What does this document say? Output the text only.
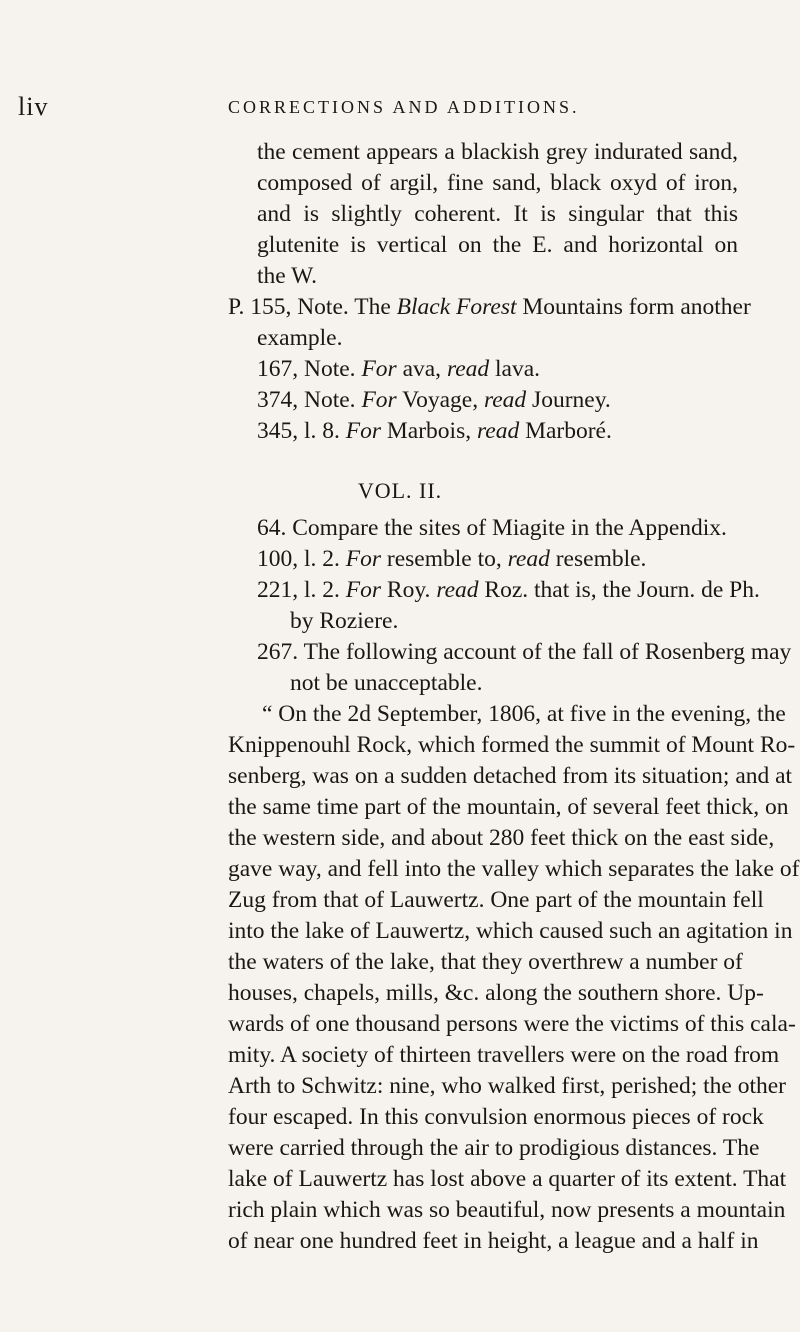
liv	CORRECTIONS AND ADDITIONS.
the cement appears a blackish grey indurated sand,
composed of argil, fine sand, black oxyd of iron,
and is slightly coherent. It is singular that this
glutenite is vertical on the E. and horizontal on
the W.
P. 155, Note. The Black Forest Mountains form another
example.
167, Note. For ava, read lava.
374, Note. For Voyage, read Journey.
345, l. 8. For Marbois, read Marboré.
VOL. II.
64. Compare the sites of Miagite in the Appendix.
100, l. 2. For resemble to, read resemble.
221, l. 2. For Roy. read Roz. that is, the Journ. de Ph.
by Roziere.
267. The following account of the fall of Rosenberg may
not be unacceptable.
“ On the 2d September, 1806, at five in the evening, the
Knippenouhl Rock, which formed the summit of Mount Ro-
senberg, was on a sudden detached from its situation; and at
the same time part of the mountain, of several feet thick, on
the western side, and about 280 feet thick on the east side,
gave way, and fell into the valley which separates the lake of
Zug from that of Lauwertz. One part of the mountain fell
into the lake of Lauwertz, which caused such an agitation in
the waters of the lake, that they overthrew a number of
houses, chapels, mills, &c. along the southern shore. Up-
wards of one thousand persons were the victims of this cala-
mity. A society of thirteen travellers were on the road from
Arth to Schwitz: nine, who walked first, perished; the other
four escaped. In this convulsion enormous pieces of rock
were carried through the air to prodigious distances. The
lake of Lauwertz has lost above a quarter of its extent. That
rich plain which was so beautiful, now presents a mountain
of near one hundred feet in height, a league and a half in
